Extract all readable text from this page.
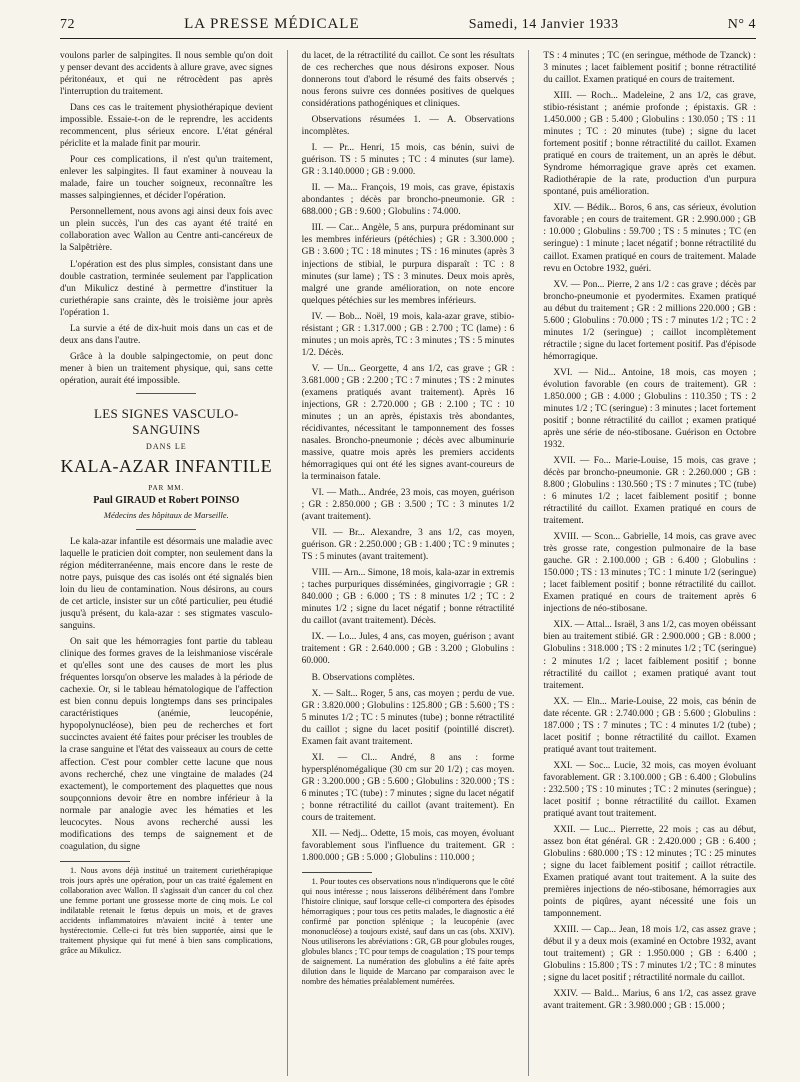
72	LA PRESSE MÉDICALE	Samedi, 14 Janvier 1933	N° 4

voulons parler de salpingites. Il nous semble qu'on doit y penser devant des accidents à allure grave, avec signes péritonéaux, et qui ne rétrocèdent pas après l'interruption du traitement.

Dans ces cas le traitement physiothérapique devient impossible. Essaie-t-on de le reprendre, les accidents recommencent, plus sérieux encore. L'état général périclite et la malade finit par mourir.

Pour ces complications, il n'est qu'un traitement, enlever les salpingites. Il faut examiner à nouveau la malade, faire un toucher soigneux, reconnaître les masses salpingiennes, et décider l'opération.

Personnellement, nous avons agi ainsi deux fois avec un plein succès, l'un des cas ayant été traité en collaboration avec Wallon au Centre anti-cancéreux de la Salpêtrière.

L'opération est des plus simples, consistant dans une double castration, terminée seulement par l'application d'un Mikulicz destiné à permettre d'instituer la curiethérapie sans crainte, dès le troisième jour après l'opération 1.

La survie a été de dix-huit mois dans un cas et de deux ans dans l'autre.

Grâce à la double salpingectomie, on peut donc mener à bien un traitement physique, qui, sans cette opération, aurait été impossible.

LES SIGNES VASCULO-SANGUINS
DANS LE
KALA-AZAR INFANTILE
PAR MM.
Paul GIRAUD et Robert POINSO
Médecins des hôpitaux de Marseille.

Le kala-azar infantile est désormais une maladie avec laquelle le praticien doit compter, non seulement dans la région méditerranéenne, mais encore dans le reste de notre pays, puisque des cas isolés ont été signalés bien loin du lieu de contamination. Nous désirons, au cours de cet article, insister sur un côté particulier, peu étudié jusqu'à présent, du kala-azar : ses stigmates vasculo-sanguins.

On sait que les hémorragies font partie du tableau clinique des formes graves de la leishmaniose viscérale et qu'elles sont une des causes de mort les plus fréquentes lorsqu'on observe les malades à la période de cachexie. Or, si le tableau hématologique de l'affection est bien connu depuis longtemps dans ses principales caractéristiques (anémie, leucopénie, hypopolynucléose), bien peu de recherches et fort succinctes avaient été faites pour préciser les troubles de la crase sanguine et l'état des vaisseaux au cours de cette affection. C'est pour combler cette lacune que nous avons recherché, chez une vingtaine de malades (24 exactement), le comportement des plaquettes que nous soupçonnions devoir être en nombre inférieur à la normale par analogie avec les hématies et les leucocytes. Nous avons recherché aussi les modifications des temps de saignement et de coagulation, du signe

1. Nous avons déjà institué un traitement curiethérapique trois jours après une opération, pour un cas traité également en collaboration avec Wallon. Il s'agissait d'un cancer du col chez une femme portant une grossesse morte de cinq mois. Le col indilatable retenait le fœtus depuis un mois, et de graves accidents inflammatoires m'avaient incité à tenter une hystérectomie. Celle-ci fut très bien supportée, ainsi que le traitement physique qui fut mené à bien sans complications, grâce au Mikulicz.

du lacet, de la rétractilité du caillot. Ce sont les résultats de ces recherches que nous désirons exposer. Nous donnerons tout d'abord le résumé des faits observés ; nous ferons suivre ces données positives de quelques considérations pathogéniques et cliniques.

Observations résumées 1. — A. Observations incomplètes.

I. — Pr... Henri, 15 mois, cas bénin, suivi de guérison. TS : 5 minutes ; TC : 4 minutes (sur lame). GR : 3.140.0000 ; GB : 9.000.

II. — Ma... François, 19 mois, cas grave, épistaxis abondantes ; décès par broncho-pneumonie. GR : 688.000 ; GB : 9.600 ; Globulins : 74.000.

III. — Car... Angèle, 5 ans, purpura prédominant sur les membres inférieurs (pétéchies) ; GR : 3.300.000 ; GB : 3.600 ; TC : 18 minutes ; TS : 16 minutes (après 3 injections de stibial, le purpura disparaît : TC : 8 minutes (sur lame) ; TS : 3 minutes. Deux mois après, malgré une grande amélioration, on note encore quelques pétéchies sur les membres inférieurs.

IV. — Bob... Noël, 19 mois, kala-azar grave, stibio-résistant ; GR : 1.317.000 ; GB : 2.700 ; TC (lame) : 6 minutes ; un mois après, TC : 3 minutes ; TS : 5 minutes 1/2. Décès.

V. — Un... Georgette, 4 ans 1/2, cas grave ; GR : 3.681.000 ; GB : 2.200 ; TC : 7 minutes ; TS : 2 minutes (examens pratiqués avant traitement). Après 16 injections, GR : 2.720.000 ; GB : 2.100 ; TC : 10 minutes ; un an après, épistaxis très abondantes, récidivantes, nécessitant le tamponnement des fosses nasales. Broncho-pneumonie ; décès avec albuminurie massive, quatre mois après les premiers accidents hémorragiques qui ont été les signes avant-coureurs de la terminaison fatale.

VI. — Math... Andrée, 23 mois, cas moyen, guérison ; GR : 2.850.000 ; GB : 3.500 ; TC : 3 minutes 1/2 (avant traitement).

VII. — Br... Alexandre, 3 ans 1/2, cas moyen, guérison. GR : 2.250.000 ; GB : 1.400 ; TC : 9 minutes ; TS : 5 minutes (avant traitement).

VIII. — Arn... Simone, 18 mois, kala-azar in extremis ; taches purpuriques disséminées, gingivorragie ; GR : 840.000 ; GB : 6.000 ; TS : 8 minutes 1/2 ; TC : 2 minutes 1/2 ; signe du lacet négatif ; bonne rétractilité du caillot (avant traitement). Décès.

IX. — Lo... Jules, 4 ans, cas moyen, guérison ; avant traitement : GR : 2.640.000 ; GB : 3.200 ; Globulins : 60.000.

B. Observations complètes.

X. — Salt... Roger, 5 ans, cas moyen ; perdu de vue. GR : 3.820.000 ; Globulins : 125.800 ; GB : 5.600 ; TS : 5 minutes 1/2 ; TC : 5 minutes (tube) ; bonne rétractilité du caillot ; signe du lacet positif (pointillé discret). Examen fait avant traitement.

XI. — Cl... André, 8 ans : forme hypersplénomégalique (30 cm sur 20 1/2) ; cas moyen. GR : 3.200.000 ; GB : 5.600 ; Globulins : 320.000 ; TS : 6 minutes ; TC (tube) : 7 minutes ; signe du lacet négatif ; bonne rétractilité du caillot (avant traitement). En cours de traitement.

XII. — Nedj... Odette, 15 mois, cas moyen, évoluant favorablement sous l'influence du traitement. GR : 1.800.000 ; GB : 5.000 ; Globulins : 110.000 ;

1. Pour toutes ces observations nous n'indiquerons que le côté qui nous intéresse ; nous laisserons délibérément dans l'ombre l'histoire clinique, sauf lorsque celle-ci comportera des épisodes hémorragiques ; pour tous ces petits malades, le diagnostic a été confirmé par ponction splénique ; la leucopénie (avec mononucléose) a toujours existé, sauf dans un cas (obs. XXIV). Nous utiliserons les abréviations : GR, GB pour globules rouges, globules blancs ; TC pour temps de coagulation ; TS pour temps de saignement. La numération des globulins a été faite après dilution dans le liquide de Marcano par comparaison avec le nombre des hématies préalablement numérées.

TS : 4 minutes ; TC (en seringue, méthode de Tzanck) : 3 minutes ; lacet faiblement positif ; bonne rétractilité du caillot. Examen pratiqué en cours de traitement.

XIII. — Roch... Madeleine, 2 ans 1/2, cas grave, stibio-résistant ; anémie profonde ; épistaxis. GR : 1.450.000 ; GB : 5.400 ; Globulins : 130.050 ; TS : 11 minutes ; TC : 20 minutes (tube) ; signe du lacet fortement positif ; bonne rétractilité du caillot. Examen pratiqué en cours de traitement, un an après le début. Syndrome hémorragique grave après cet examen. Radiothérapie de la rate, production d'un purpura spontané, puis amélioration.

XIV. — Bédik... Boros, 6 ans, cas sérieux, évolution favorable ; en cours de traitement. GR : 2.990.000 ; GB : 10.000 ; Globulins : 59.700 ; TS : 5 minutes ; TC (en seringue) : 1 minute ; lacet négatif ; bonne rétractilité du caillot. Examen pratiqué en cours de traitement. Malade revu en Octobre 1932, guéri.

XV. — Pon... Pierre, 2 ans 1/2 : cas grave ; décès par broncho-pneumonie et pyodermites. Examen pratiqué au début du traitement ; GR : 2 millions 220.000 ; GB : 5.600 ; Globulins : 70.000 ; TS : 7 minutes 1/2 ; TC : 2 minutes 1/2 (seringue) ; caillot incomplètement rétractile ; signe du lacet fortement positif. Pas d'épisode hémorragique.

XVI. — Nid... Antoine, 18 mois, cas moyen ; évolution favorable (en cours de traitement). GR : 1.850.000 ; GB : 4.000 ; Globulins : 110.350 ; TS : 2 minutes 1/2 ; TC (seringue) : 3 minutes ; lacet fortement positif ; bonne rétractilité du caillot ; examen pratiqué après une série de néo-stibosane. Guérison en Octobre 1932.

XVII. — Fo... Marie-Louise, 15 mois, cas grave ; décès par broncho-pneumonie. GR : 2.260.000 ; GB : 8.800 ; Globulins : 130.560 ; TS : 7 minutes ; TC (tube) : 6 minutes 1/2 ; lacet faiblement positif ; bonne rétractilité du caillot. Examen pratiqué en cours de traitement.

XVIII. — Scon... Gabrielle, 14 mois, cas grave avec très grosse rate, congestion pulmonaire de la base gauche. GR : 2.100.000 ; GB : 6.400 ; Globulins : 150.000 ; TS : 13 minutes ; TC : 1 minute 1/2 (seringue) ; lacet faiblement positif ; bonne rétractilité du caillot. Examen pratiqué en cours de traitement après 6 injections de néo-stibosane.

XIX. — Attal... Israël, 3 ans 1/2, cas moyen obéissant bien au traitement stibié. GR : 2.900.000 ; GB : 8.000 ; Globulins : 318.000 ; TS : 2 minutes 1/2 ; TC (seringue) : 2 minutes 1/2 ; lacet faiblement positif ; bonne rétractilité du caillot ; examen pratiqué avant tout traitement.

XX. — Eln... Marie-Louise, 22 mois, cas bénin de date récente. GR : 2.740.000 ; GB : 5.600 ; Globulins : 187.000 ; TS : 7 minutes ; TC : 4 minutes 1/2 (tube) ; lacet positif ; bonne rétractilité du caillot. Examen pratiqué avant tout traitement.

XXI. — Soc... Lucie, 32 mois, cas moyen évoluant favorablement. GR : 3.100.000 ; GB : 6.400 ; Globulins : 232.500 ; TS : 10 minutes ; TC : 2 minutes (seringue) ; lacet positif ; bonne rétractilité du caillot. Examen pratiqué avant tout traitement.

XXII. — Luc... Pierrette, 22 mois ; cas au début, assez bon état général. GR : 2.420.000 ; GB : 6.400 ; Globulins : 680.000 ; TS : 12 minutes ; TC : 25 minutes ; signe du lacet faiblement positif ; caillot rétractile. Examen pratiqué avant tout traitement. A la suite des premières injections de néo-stibosane, hémorragies aux points de piqûres, ayant nécessité une fois un tamponnement.

XXIII. — Cap... Jean, 18 mois 1/2, cas assez grave ; début il y a deux mois (examiné en Octobre 1932, avant tout traitement) ; GR : 1.950.000 ; GB : 6.400 ; Globulins : 15.800 ; TS : 7 minutes 1/2 ; TC : 8 minutes ; signe du lacet positif ; rétractilité normale du caillot.

XXIV. — Bald... Marius, 6 ans 1/2, cas assez grave avant traitement. GR : 3.980.000 ; GB : 15.000 ;
